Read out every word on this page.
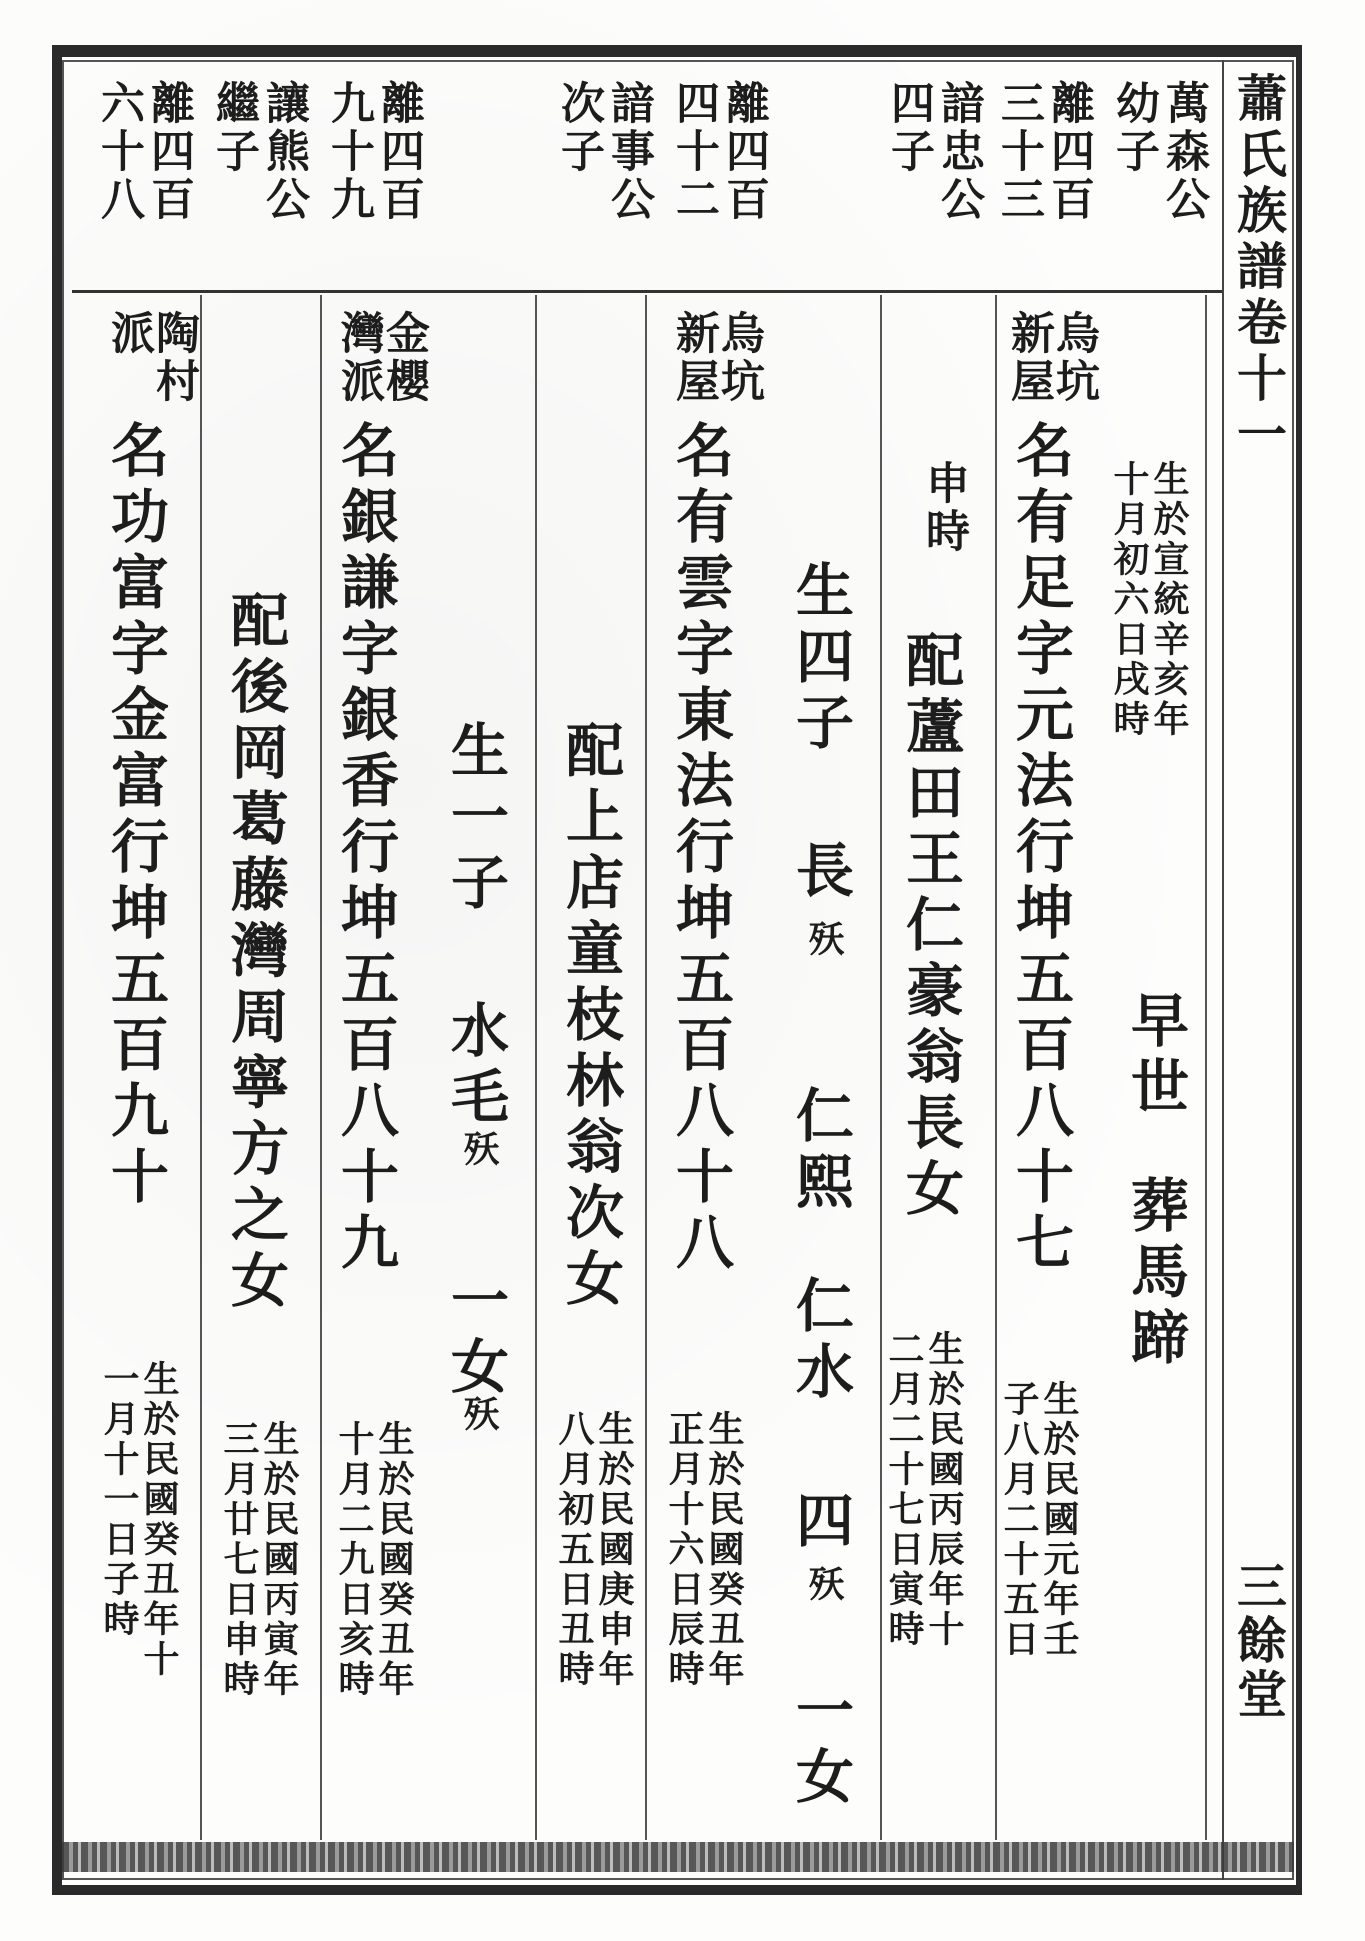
蕭氏族譜卷十一
三餘堂
萬森公
幼子
離四百
三十三
諳忠公
四子
離四百
四十二
諳事公
次子
離四百
九十九
讓熊公
繼子
離四百
六十八
生於宣統辛亥年
十月初六日戌時
早世
葬馬蹄
烏坑
新屋
名有足字元法行坤五百八十七
生於民國元年壬
子八月二十五日
申時
配蘆田王仁豪翁長女
生於民國丙辰年十
二月二十七日寅時
生四子
長
殀
仁熙
仁水
四
殀
一女
烏坑
新屋
名有雲字東法行坤五百八十八
生於民國癸丑年
正月十六日辰時
配上店童枝林翁次女
生於民國庚申年
八月初五日丑時
生一子
水毛
殀
一女
殀
金櫻
灣派
名銀謙字銀香行坤五百八十九
生於民國癸丑年
十月二九日亥時
配後岡葛藤灣周寧方之女
生於民國丙寅年
三月廿七日申時
陶村
派
名功富字金富行坤五百九十
生於民國癸丑年十
一月十一日子時
